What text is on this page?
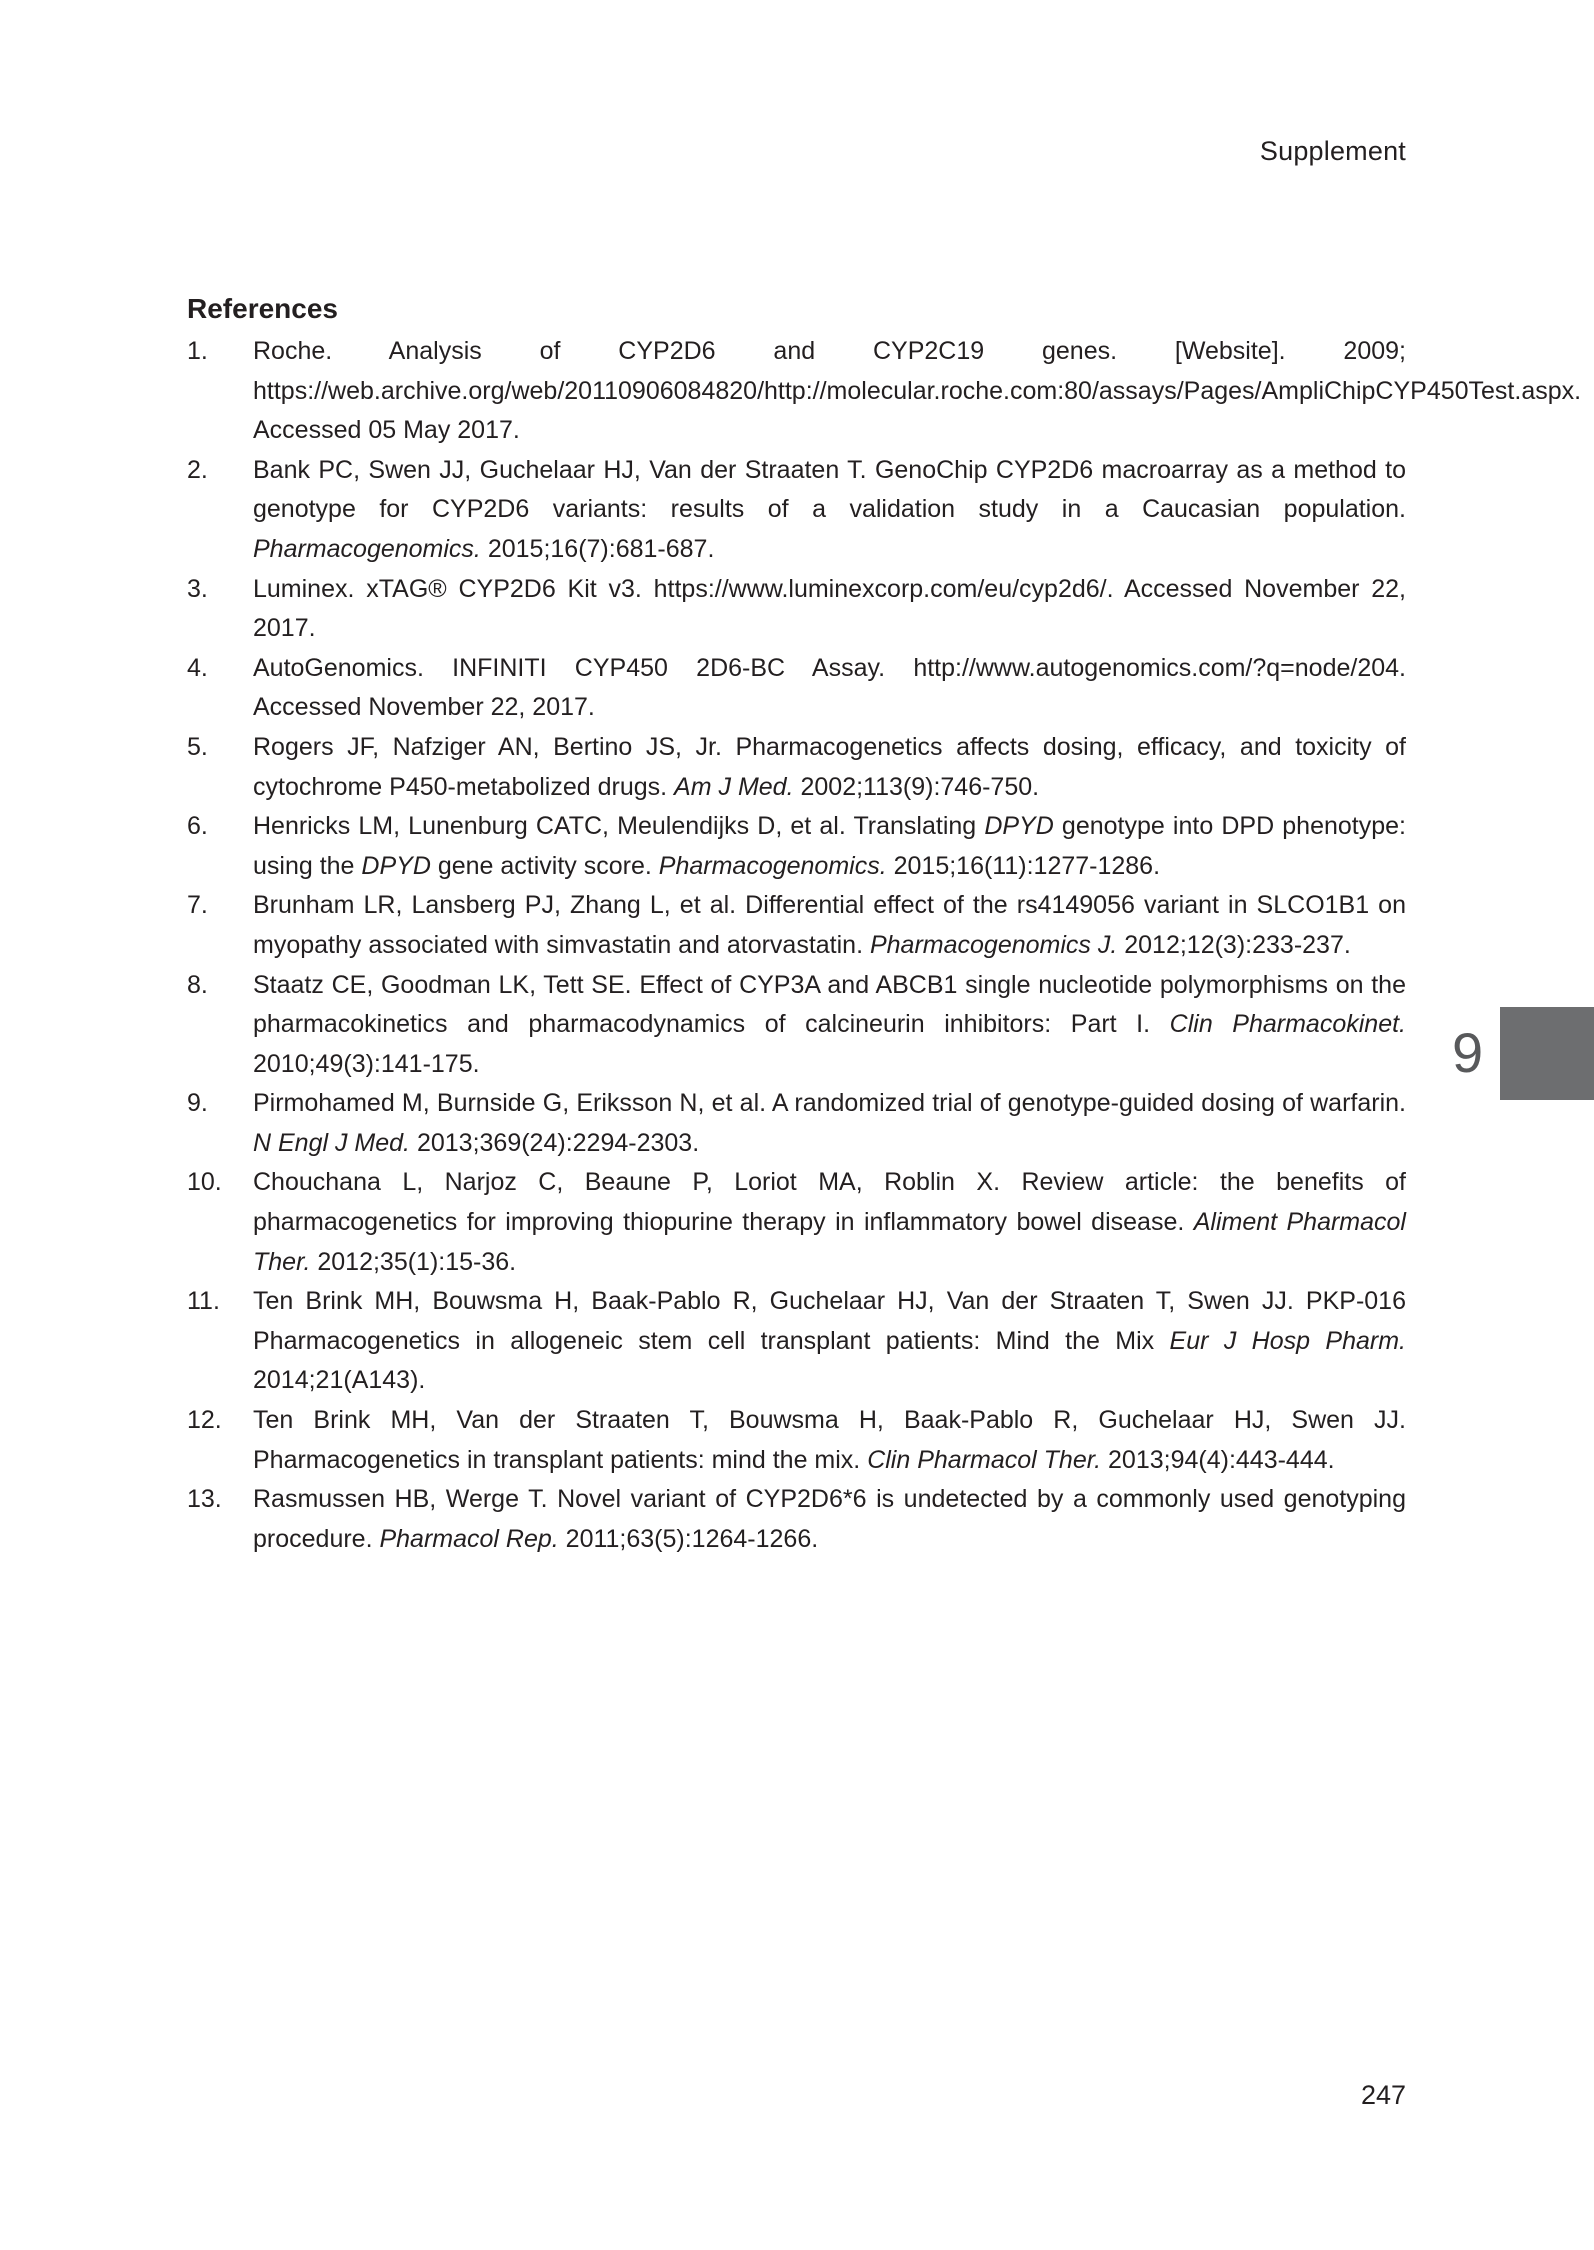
Supplement
References
1. Roche. Analysis of CYP2D6 and CYP2C19 genes. [Website]. 2009; https://web.archive.org/web/20110906084820/http://molecular.roche.com:80/assays/Pages/AmpliChipCYP450Test.aspx. Accessed 05 May 2017.
2. Bank PC, Swen JJ, Guchelaar HJ, Van der Straaten T. GenoChip CYP2D6 macroarray as a method to genotype for CYP2D6 variants: results of a validation study in a Caucasian population. Pharmacogenomics. 2015;16(7):681-687.
3. Luminex. xTAG® CYP2D6 Kit v3. https://www.luminexcorp.com/eu/cyp2d6/. Accessed November 22, 2017.
4. AutoGenomics. INFINITI CYP450 2D6-BC Assay. http://www.autogenomics.com/?q=node/204. Accessed November 22, 2017.
5. Rogers JF, Nafziger AN, Bertino JS, Jr. Pharmacogenetics affects dosing, efficacy, and toxicity of cytochrome P450-metabolized drugs. Am J Med. 2002;113(9):746-750.
6. Henricks LM, Lunenburg CATC, Meulendijks D, et al. Translating DPYD genotype into DPD phenotype: using the DPYD gene activity score. Pharmacogenomics. 2015;16(11):1277-1286.
7. Brunham LR, Lansberg PJ, Zhang L, et al. Differential effect of the rs4149056 variant in SLCO1B1 on myopathy associated with simvastatin and atorvastatin. Pharmacogenomics J. 2012;12(3):233-237.
8. Staatz CE, Goodman LK, Tett SE. Effect of CYP3A and ABCB1 single nucleotide polymorphisms on the pharmacokinetics and pharmacodynamics of calcineurin inhibitors: Part I. Clin Pharmacokinet. 2010;49(3):141-175.
9. Pirmohamed M, Burnside G, Eriksson N, et al. A randomized trial of genotype-guided dosing of warfarin. N Engl J Med. 2013;369(24):2294-2303.
10. Chouchana L, Narjoz C, Beaune P, Loriot MA, Roblin X. Review article: the benefits of pharmacogenetics for improving thiopurine therapy in inflammatory bowel disease. Aliment Pharmacol Ther. 2012;35(1):15-36.
11. Ten Brink MH, Bouwsma H, Baak-Pablo R, Guchelaar HJ, Van der Straaten T, Swen JJ. PKP-016 Pharmacogenetics in allogeneic stem cell transplant patients: Mind the Mix Eur J Hosp Pharm. 2014;21(A143).
12. Ten Brink MH, Van der Straaten T, Bouwsma H, Baak-Pablo R, Guchelaar HJ, Swen JJ. Pharmacogenetics in transplant patients: mind the mix. Clin Pharmacol Ther. 2013;94(4):443-444.
13. Rasmussen HB, Werge T. Novel variant of CYP2D6*6 is undetected by a commonly used genotyping procedure. Pharmacol Rep. 2011;63(5):1264-1266.
9
247
